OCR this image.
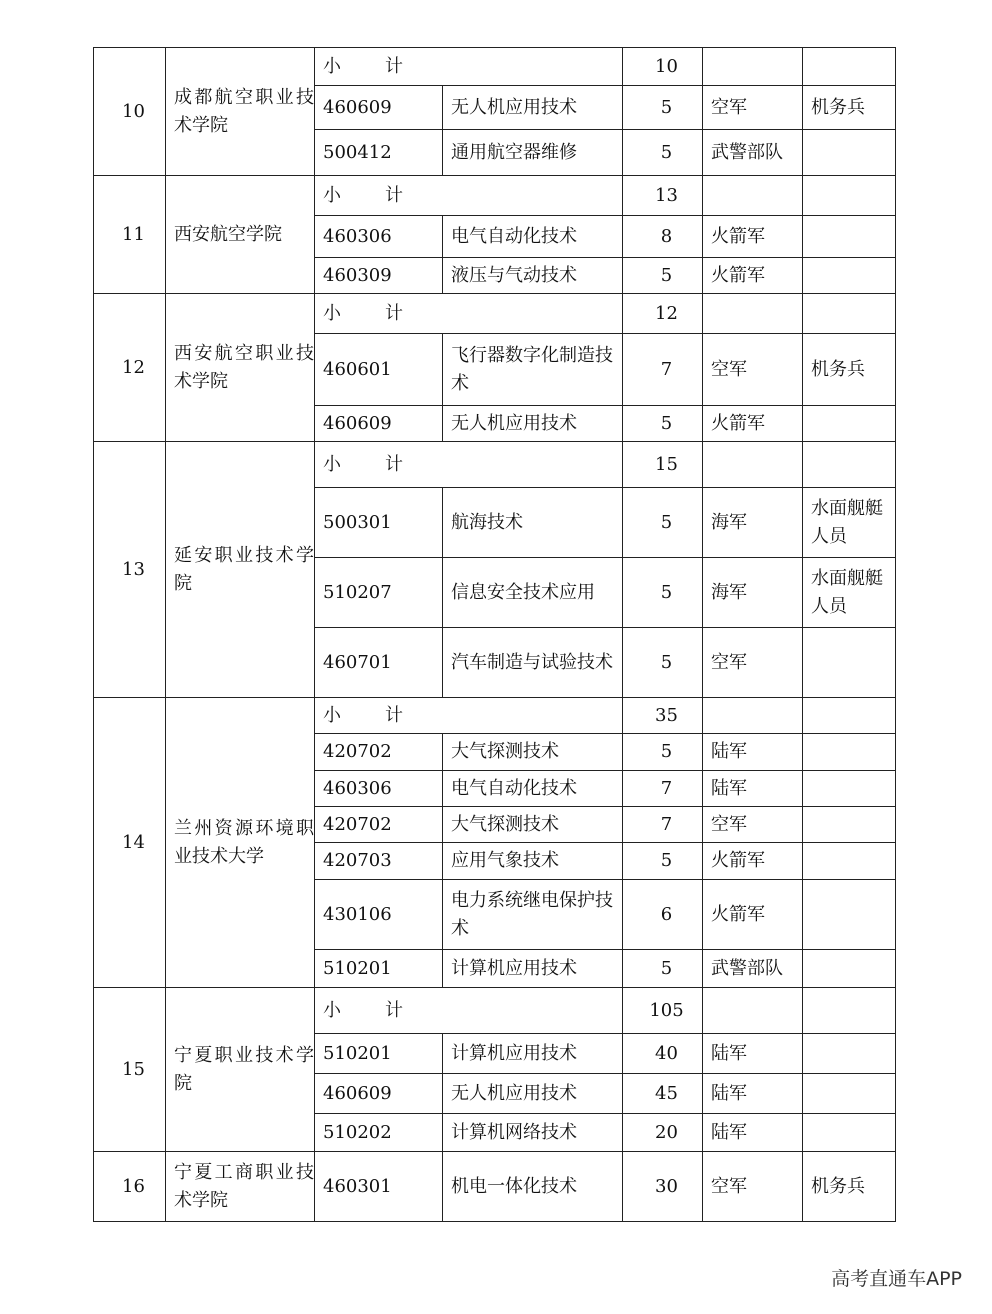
10	成都航空职业技术学院	小 计		10		
		460609	无人机应用技术	5	空军	机务兵
		500412	通用航空器维修	5	武警部队	
11	西安航空学院	小 计		13		
		460306	电气自动化技术	8	火箭军	
		460309	液压与气动技术	5	火箭军	
12	西安航空职业技术学院	小 计		12		
		460601	飞行器数字化制造技术	7	空军	机务兵
		460609	无人机应用技术	5	火箭军	
13	延安职业技术学院	小 计		15		
		500301	航海技术	5	海军	水面舰艇人员
		510207	信息安全技术应用	5	海军	水面舰艇人员
		460701	汽车制造与试验技术	5	空军	
14	兰州资源环境职业技术大学	小 计		35		
		420702	大气探测技术	5	陆军	
		460306	电气自动化技术	7	陆军	
		420702	大气探测技术	7	空军	
		420703	应用气象技术	5	火箭军	
		430106	电力系统继电保护技术	6	火箭军	
		510201	计算机应用技术	5	武警部队	
15	宁夏职业技术学院	小 计		105		
		510201	计算机应用技术	40	陆军	
		460609	无人机应用技术	45	陆军	
		510202	计算机网络技术	20	陆军	
16	宁夏工商职业技术学院	460301	机电一体化技术	30	空军	机务兵
高考直通车APP
